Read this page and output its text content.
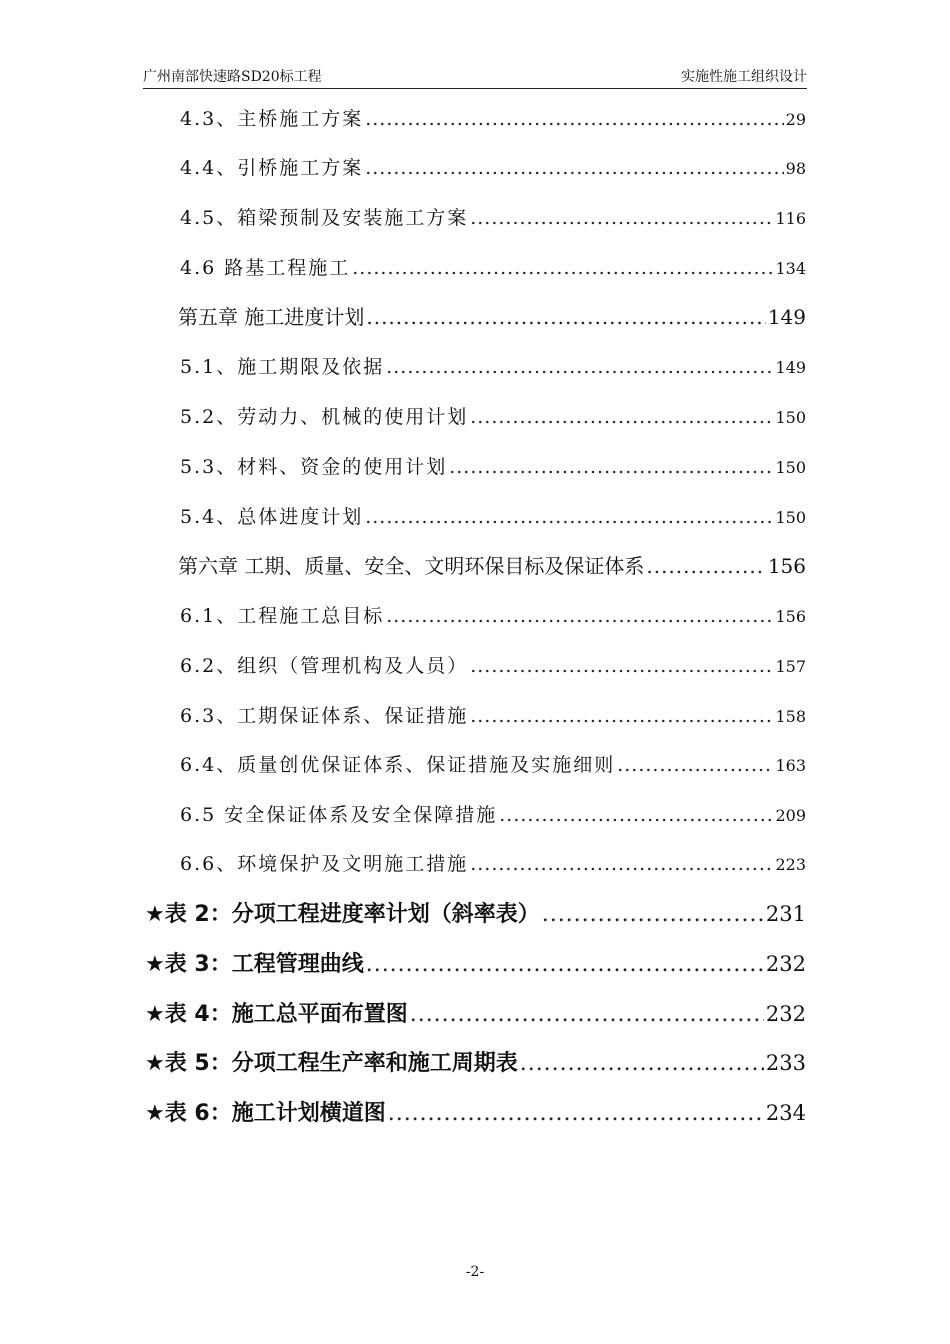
广州南部快速路SD20标工程	实施性施工组织设计
4.3、主桥施工方案 .....	29
4.4、引桥施工方案 .....	98
4.5、箱梁预制及安装施工方案 .....	116
4.6 路基工程施工 .....	134
第五章 施工进度计划 .....	149
5.1、施工期限及依据 .....	149
5.2、劳动力、机械的使用计划 .....	150
5.3、材料、资金的使用计划 .....	150
5.4、总体进度计划 .....	150
第六章 工期、质量、安全、文明环保目标及保证体系 .....	156
6.1、工程施工总目标 .....	156
6.2、组织（管理机构及人员） .....	157
6.3、工期保证体系、保证措施 .....	158
6.4、质量创优保证体系、保证措施及实施细则 .....	163
6.5 安全保证体系及安全保障措施 .....	209
6.6、环境保护及文明施工措施 .....	223
★表 2：分项工程进度率计划（斜率表） .....	231
★表 3：工程管理曲线 .....	232
★表 4：施工总平面布置图 .....	232
★表 5：分项工程生产率和施工周期表 .....	233
★表 6：施工计划横道图 .....	234
-2-
